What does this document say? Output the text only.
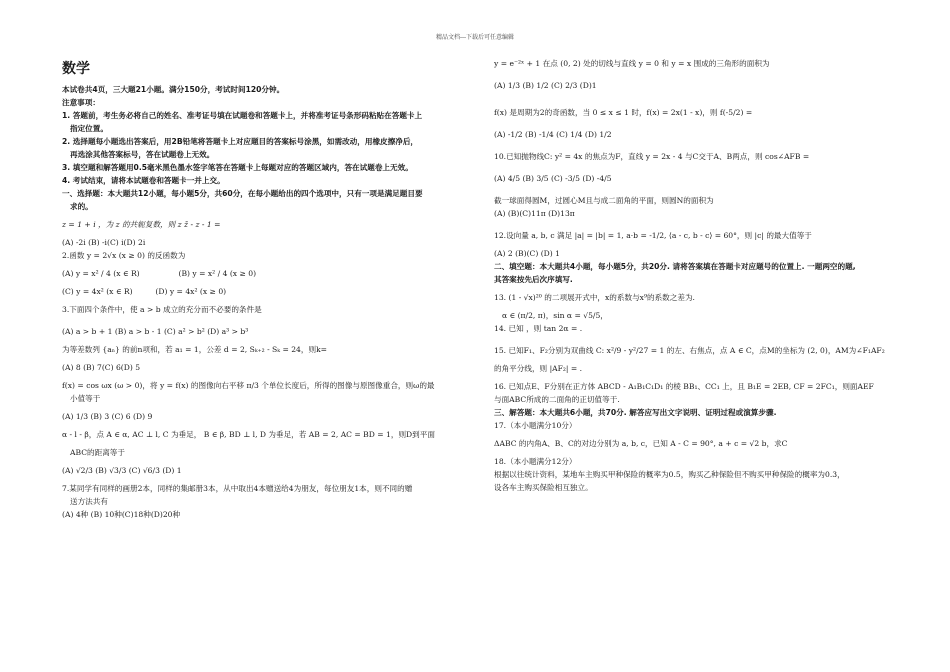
精品文档---下载后可任意编辑
数学
本试卷共4页，三大题21小题。满分150分，考试时间120分钟。
注意事项：
1. 答题前，考生务必将自己的姓名、准考证号填在试题卷和答题卡上，并将准考证号条形码粘贴在答题卡上
指定位置。
2. 选择题每小题选出答案后，用2B铅笔将答题卡上对应题目的答案标号涂黑，如需改动，用橡皮擦净后，
再选涂其他答案标号，答在试题卷上无效。
3. 填空题和解答题用0.5毫米黑色墨水签字笔答在答题卡上每题对应的答题区域内，答在试题卷上无效。
4. 考试结束，请将本试题卷和答题卡一并上交。
一、选择题：本大题共12小题，每小题5分，共60分，在每小题给出的四个选项中，只有一项是满足题目要
求的。
z = 1 + i ，为 z 的共轭复数，则 z z̄ - z - 1 =
(A) -2i (B) -i(C) i(D) 2i
2.函数 y = 2√x (x ≥ 0) 的反函数为
(A) y = x² / 4 (x ∈ R)	(B) y = x² / 4 (x ≥ 0)
(C) y = 4x² (x ∈ R)	(D) y = 4x² (x ≥ 0)
3.下面四个条件中，使 a > b 成立的充分而不必要的条件是
(A) a > b + 1 (B) a > b - 1 (C) a² > b² (D) a³ > b³
为等差数列 {aₙ} 的前n项和，若 a₁ = 1，公差 d = 2, Sₖ₊₂ - Sₖ = 24，则k=
(A) 8 (B) 7(C) 6(D) 5
f(x) = cos ωx (ω > 0)，将 y = f(x) 的图像向右平移 π/3 个单位长度后，所得的图像与原图像重合，则ω的最
小值等于
(A) 1/3 (B) 3 (C) 6 (D) 9
α - l - β，点 A ∈ α, AC ⊥ l, C 为垂足， B ∈ β, BD ⊥ l, D 为垂足，若 AB = 2, AC = BD = 1，则D到平面
ABC的距离等于
(A) √2/3 (B) √3/3 (C) √6/3 (D) 1
7.某同学有同样的画册2本，同样的集邮册3本，从中取出4本赠送给4为朋友，每位朋友1本，则不同的赠
送方法共有
(A) 4种 (B) 10种(C)18种(D)20种
y = e⁻²ˣ + 1 在点 (0, 2) 处的切线与直线 y = 0 和 y = x 围成的三角形的面积为
(A) 1/3 (B) 1/2 (C) 2/3 (D)1
f(x) 是周期为2的奇函数，当 0 ≤ x ≤ 1 时，f(x) = 2x(1 - x)，则 f(-5/2) =
(A) -1/2 (B) -1/4 (C) 1/4 (D) 1/2
10.已知抛物线C: y² = 4x 的焦点为F，直线 y = 2x - 4 与C交于A、B两点，则 cos∠AFB =
(A) 4/5 (B) 3/5 (C) -3/5 (D) -4/5
截一球面得圆M，过圆心M且与成二面角的平面，则圆N的面积为
(A) (B)(C)11π (D)13π
12.设向量 a, b, c 满足 |a| = |b| = 1, a·b = -1/2, ⟨a - c, b - c⟩ = 60°，则 |c| 的最大值等于
(A) 2 (B)(C) (D) 1
二、填空题：本大题共4小题，每小题5分，共20分. 请将答案填在答题卡对应题号的位置上. 一题两空的题,
其答案按先后次序填写.
13. (1 - √x)²⁰ 的二项展开式中，x的系数与x⁹的系数之差为.
α ∈ (π/2, π)，sin α = √5/5，
14. 已知 ，则 tan 2α = .
15. 已知F₁、F₂分别为双曲线 C: x²/9 - y²/27 = 1 的左、右焦点，点 A ∈ C，点M的坐标为 (2, 0)，AM为∠F₁AF₂
的角平分线，则 |AF₂| = .
16. 已知点E、F分别在正方体 ABCD - A₁B₁C₁D₁ 的棱 BB₁、CC₁ 上，且 B₁E = 2EB, CF = 2FC₁，则面AEF
与面ABC所成的二面角的正切值等于.
三、解答题：本大题共6小题，共70分. 解答应写出文字说明、证明过程或演算步骤.
17.（本小题满分10分）
ΔABC 的内角A、B、C的对边分别为 a, b, c，已知 A - C = 90°, a + c = √2 b，求C
18.（本小题满分12分）
根据以往统计资料，某地车主购买甲种保险的概率为0.5，购买乙种保险但不购买甲种保险的概率为0.3，
设各车主购买保险相互独立。
